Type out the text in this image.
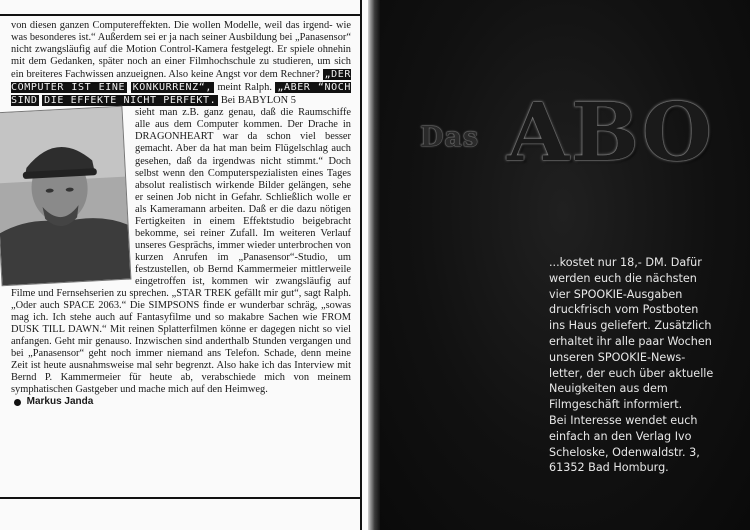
von diesen ganzen Computereffekten. Die wollen Modelle, weil das irgend- wie was besonderes ist.“ Außerdem sei er ja nach seiner Ausbildung bei „Panasensor“ nicht zwangsläufig auf die Motion Control-Kamera festgelegt. Er spiele ohnehin mit dem Gedanken, später noch an einer Filmhochschule zu studieren, um sich ein breiteres Fachwissen anzueignen. Also keine Angst vor dem Rechner? „DER COMPUTER IST EINE KONKURRENZ“, meint Ralph. „ABER “NOCH SIND DIE EFFEKTE NICHT PERFEKT. Bei BABYLON 5

sieht man z.B. ganz genau, daß die Raumschiffe alle aus dem Computer kommen. Der Drache in DRAGONHEART war da schon viel besser gemacht. Aber da hat man beim Flügelschlag auch gesehen, daß da irgendwas nicht stimmt.“ Doch selbst wenn den Computerspezialisten eines Tages absolut realistisch wirkende Bilder gelängen, sehe er seinen Job nicht in Gefahr. Schließlich wolle er als Kameramann arbeiten. Daß er die dazu nötigen Fertigkeiten in einem Effektstudio beigebracht bekomme, sei reiner Zufall. Im weiteren Verlauf unseres Gesprächs, immer wieder unterbrochen von kurzen Anrufen im „Panasensor“-Studio, um festzustellen, ob Bernd Kammermeier mittlerweile eingetroffen ist, kommen wir zwangsläufig auf Filme und Fernsehserien zu sprechen. „STAR TREK gefällt mir gut“, sagt Ralph. „Oder auch SPACE 2063.“ Die SIMPSONS finde er wunderbar schräg, „sowas mag ich. Ich stehe auch auf Fantasyfilme und so makabre Sachen wie FROM DUSK TILL DAWN.“ Mit reinen Splatterfilmen könne er dagegen nicht so viel anfangen. Geht mir genauso. Inzwischen sind anderthalb Stunden vergangen und bei „Panasensor“ geht noch immer niemand ans Telefon. Schade, denn meine Zeit ist heute ausnahmsweise mal sehr begrenzt. Also hake ich das Interview mit Bernd P. Kammermeier für heute ab, verabschiede mich von meinem symphatischen Gastgeber und mache mich auf den Heimweg.

Markus Janda

Das ABO
...kostet nur 18,- DM. Dafür
werden euch die nächsten
vier SPOOKIE-Ausgaben
druckfrisch vom Postboten
ins Haus geliefert. Zusätzlich
erhaltet ihr alle paar Wochen
unseren SPOOKIE-News-
letter, der euch über aktuelle
Neuigkeiten aus dem
Filmgeschäft informiert.
Bei Interesse wendet euch
einfach an den Verlag Ivo
Scheloske, Odenwaldstr. 3,
61352 Bad Homburg.
